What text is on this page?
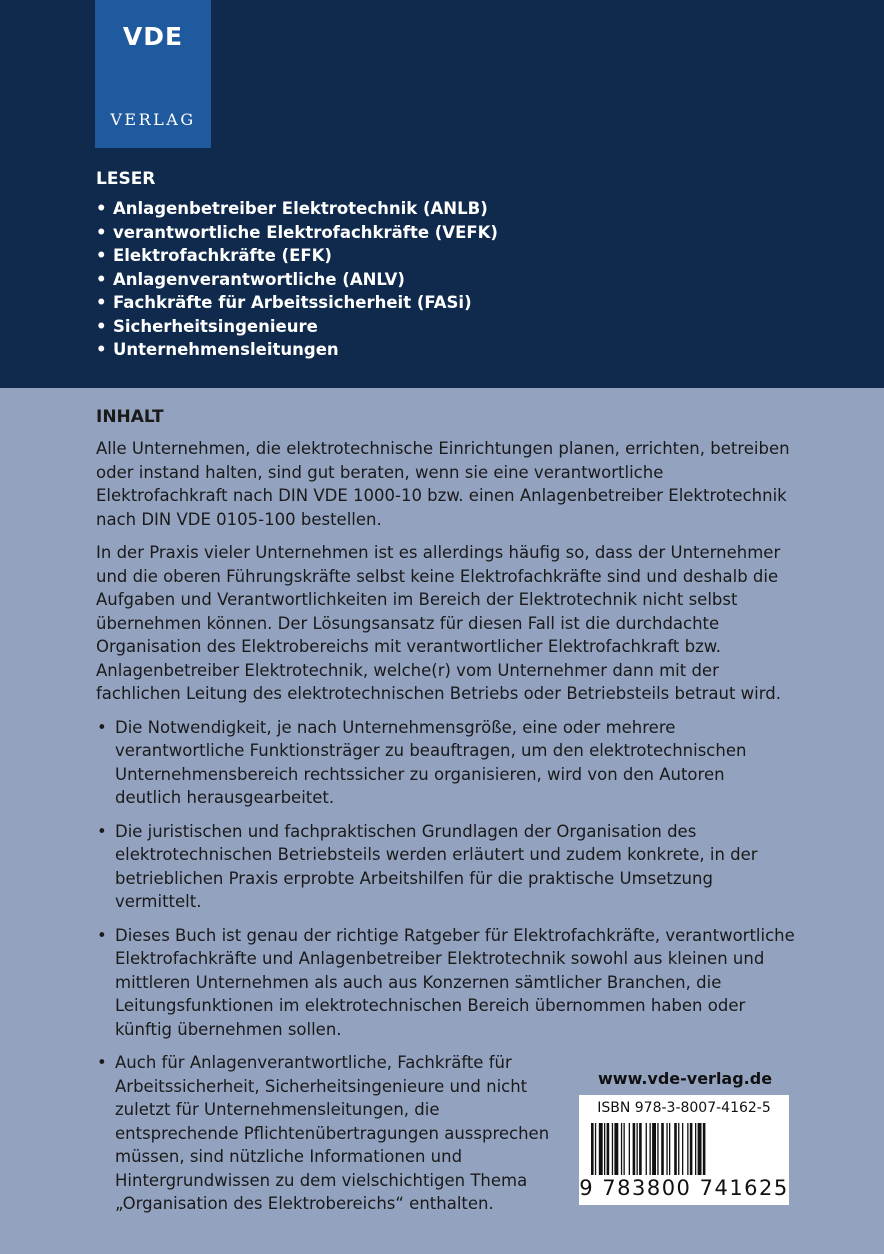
VDE
VERLAG
LESER
• Anlagenbetreiber Elektrotechnik (ANLB)
• verantwortliche Elektrofachkräfte (VEFK)
• Elektrofachkräfte (EFK)
• Anlagenverantwortliche (ANLV)
• Fachkräfte für Arbeitssicherheit (FASi)
• Sicherheitsingenieure
• Unternehmensleitungen
INHALT

Alle Unternehmen, die elektrotechnische Einrichtungen planen, errichten, betreiben oder instand halten, sind gut beraten, wenn sie eine verantwortliche Elektrofachkraft nach DIN VDE 1000-10 bzw. einen Anlagenbetreiber Elektrotechnik nach DIN VDE 0105-100 bestellen.

In der Praxis vieler Unternehmen ist es allerdings häufig so, dass der Unternehmer und die oberen Führungskräfte selbst keine Elektrofachkräfte sind und deshalb die Aufgaben und Verantwortlichkeiten im Bereich der Elektrotechnik nicht selbst übernehmen können. Der Lösungsansatz für diesen Fall ist die durchdachte Organisation des Elektrobereichs mit verantwortlicher Elektrofachkraft bzw. Anlagenbetreiber Elektrotechnik, welche(r) vom Unternehmer dann mit der fachlichen Leitung des elektrotechnischen Betriebs oder Betriebsteils betraut wird.

• Die Notwendigkeit, je nach Unternehmensgröße, eine oder mehrere verantwortliche Funktionsträger zu beauftragen, um den elektrotechnischen Unternehmensbereich rechtssicher zu organisieren, wird von den Autoren deutlich herausgearbeitet.
• Die juristischen und fachpraktischen Grundlagen der Organisation des elektrotechnischen Betriebsteils werden erläutert und zudem konkrete, in der betrieblichen Praxis erprobte Arbeitshilfen für die praktische Umsetzung vermittelt.
• Dieses Buch ist genau der richtige Ratgeber für Elektrofachkräfte, verantwortliche Elektrofachkräfte und Anlagenbetreiber Elektrotechnik sowohl aus kleinen und mittleren Unternehmen als auch aus Konzernen sämtlicher Branchen, die Leitungsfunktionen im elektrotechnischen Bereich übernommen haben oder künftig übernehmen sollen.
• Auch für Anlagenverantwortliche, Fachkräfte für Arbeitssicherheit, Sicherheitsingenieure und nicht zuletzt für Unternehmensleitungen, die entsprechende Pflichtenübertragungen aussprechen müssen, sind nützliche Informationen und Hintergrundwissen zu dem vielschichtigen Thema „Organisation des Elektrobereichs“ enthalten.
www.vde-verlag.de
ISBN 978-3-8007-4162-5
9 783800 741625
